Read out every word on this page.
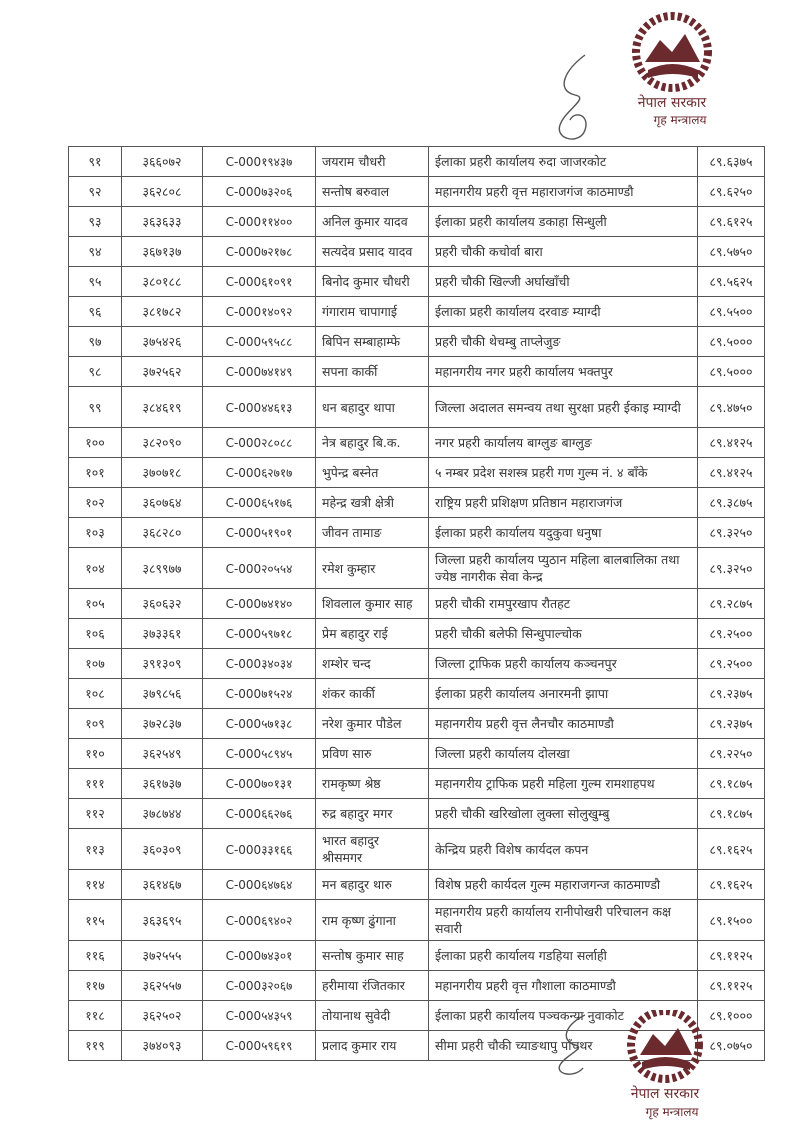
नेपाल सरकार
गृह मन्त्रालय
९१	३६६०७२	C-000१९४३७	जयराम चौधरी	ईलाका प्रहरी कार्यालय रुदा जाजरकोट	८९.६३७५
९२	३६२८०८	C-000७३२०६	सन्तोष बरुवाल	महानगरीय प्रहरी वृत्त महाराजगंज काठमाण्डौ	८९.६२५०
९३	३६३६३३	C-000११४००	अनिल कुमार यादव	ईलाका प्रहरी कार्यालय डकाहा सिन्धुली	८९.६१२५
९४	३६७१३७	C-000७२१७८	सत्यदेव प्रसाद यादव	प्रहरी चौकी कचोर्वा बारा	८९.५७५०
९५	३८०१८८	C-000६१०९१	बिनोद कुमार चौधरी	प्रहरी चौकी खिल्जी अर्घाखाँची	८९.५६२५
९६	३८१७८२	C-000१४०९२	गंगाराम चापागाई	ईलाका प्रहरी कार्यालय दरवाङ म्याग्दी	८९.५५००
९७	३७५४२६	C-000५९५८८	बिपिन सम्बाहाम्फे	प्रहरी चौकी थेचम्बु ताप्लेजुङ	८९.५०००
९८	३७२५६२	C-000७४१४९	सपना कार्की	महानगरीय नगर प्रहरी कार्यालय भक्तपुर	८९.५०००
९९	३८४६१९	C-000४४६१३	धन बहादुर थापा	जिल्ला अदालत समन्वय तथा सुरक्षा प्रहरी ईकाइ म्याग्दी	८९.४७५०
१००	३८२०९०	C-000२८०८८	नेत्र बहादुर बि.क.	नगर प्रहरी कार्यालय बाग्लुङ बाग्लुङ	८९.४१२५
१०१	३७०७१८	C-000६२७१७	भुपेन्द्र बस्नेत	५ नम्बर प्रदेश सशस्त्र प्रहरी गण गुल्म नं. ४ बाँके	८९.४१२५
१०२	३६०७६४	C-000६५१७६	महेन्द्र खत्री क्षेत्री	राष्ट्रिय प्रहरी प्रशिक्षण प्रतिष्ठान महाराजगंज	८९.३८७५
१०३	३६८२८०	C-000५१९०१	जीवन तामाङ	ईलाका प्रहरी कार्यालय यदुकुवा धनुषा	८९.३२५०
१०४	३८९९७७	C-000२०५५४	रमेश कुम्हार	जिल्ला प्रहरी कार्यालय प्युठान महिला बालबालिका तथा ज्येष्ठ नागरीक सेवा केन्द्र	८९.३२५०
१०५	३६०६३२	C-000७४१४०	शिवलाल कुमार साह	प्रहरी चौकी रामपुरखाप रौतहट	८९.२८७५
१०६	३७३३६१	C-000५९७१८	प्रेम बहादुर राई	प्रहरी चौकी बलेफी सिन्धुपाल्चोक	८९.२५००
१०७	३९१३०९	C-000३४०३४	शम्शेर चन्द	जिल्ला ट्राफिक प्रहरी कार्यालय कञ्चनपुर	८९.२५००
१०८	३७९८५६	C-000७१५२४	शंकर कार्की	ईलाका प्रहरी कार्यालय अनारमनी झापा	८९.२३७५
१०९	३७२८३७	C-000५७१३८	नरेश कुमार पौडेल	महानगरीय प्रहरी वृत्त लैनचौर काठमाण्डौ	८९.२३७५
११०	३६२५४९	C-000५८९४५	प्रविण सारु	जिल्ला प्रहरी कार्यालय दोलखा	८९.२२५०
१११	३६१७३७	C-000७०१३१	रामकृष्ण श्रेष्ठ	महानगरीय ट्राफिक प्रहरी महिला गुल्म रामशाहपथ	८९.१८७५
११२	३७८७४४	C-000६६२७६	रुद्र बहादुर मगर	प्रहरी चौकी खरिखोला लुक्ला सोलुखुम्बु	८९.१८७५
११३	३६०३०९	C-000३३१६६	भारत बहादुर श्रीसमगर	केन्द्रिय प्रहरी विशेष कार्यदल कपन	८९.१६२५
११४	३६१४६७	C-000६४७६४	मन बहादुर थारु	विशेष प्रहरी कार्यदल गुल्म महाराजगन्ज काठमाण्डौ	८९.१६२५
११५	३६३६९५	C-000६९४०२	राम कृष्ण ढुंगाना	महानगरीय प्रहरी कार्यालय रानीपोखरी परिचालन कक्ष सवारी	८९.१५००
११६	३७२५५५	C-000७४३०१	सन्तोष कुमार साह	ईलाका प्रहरी कार्यालय गडहिया सर्लाही	८९.११२५
११७	३६२५५७	C-000३२०६७	हरीमाया रंजितकार	महानगरीय प्रहरी वृत्त गौशाला काठमाण्डौ	८९.११२५
११८	३६२५०२	C-000५४३५९	तोयानाथ सुवेदी	ईलाका प्रहरी कार्यालय पञ्चकन्या नुवाकोट	८९.१०००
११९	३७४०९३	C-000५९६१९	प्रलाद कुमार राय	सीमा प्रहरी चौकी च्याङथापु पाँचथर	८९.०७५०
नेपाल सरकार
गृह मन्त्रालय
